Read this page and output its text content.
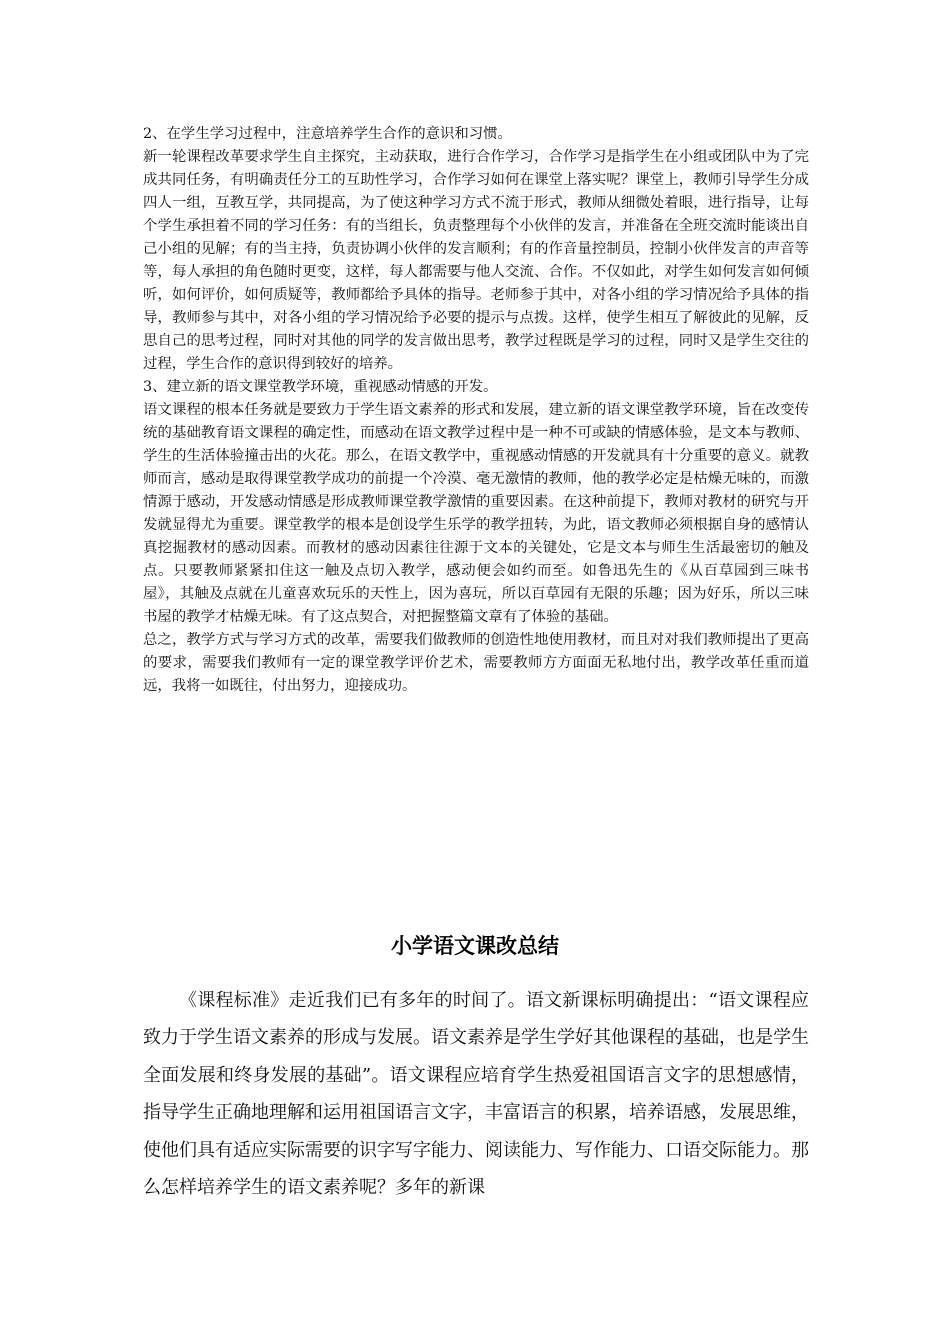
2、在学生学习过程中，注意培养学生合作的意识和习惯。

新一轮课程改革要求学生自主探究，主动获取，进行合作学习，合作学习是指学生在小组或团队中为了完成共同任务，有明确责任分工的互助性学习，合作学习如何在课堂上落实呢？课堂上，教师引导学生分成四人一组，互教互学，共同提高，为了使这种学习方式不流于形式，教师从细微处着眼，进行指导，让每个学生承担着不同的学习任务：有的当组长，负责整理每个小伙伴的发言，并准备在全班交流时能谈出自己小组的见解；有的当主持，负责协调小伙伴的发言顺利；有的作音量控制员，控制小伙伴发言的声音等等，每人承担的角色随时更变，这样，每人都需要与他人交流、合作。不仅如此，对学生如何发言如何倾听，如何评价，如何质疑等，教师都给予具体的指导。老师参于其中，对各小组的学习情况给予具体的指导，教师参与其中，对各小组的学习情况给予必要的提示与点拨。这样，使学生相互了解彼此的见解，反思自己的思考过程，同时对其他的同学的发言做出思考，教学过程既是学习的过程，同时又是学生交往的过程，学生合作的意识得到较好的培养。

3、建立新的语文课堂教学环境，重视感动情感的开发。

语文课程的根本任务就是要致力于学生语文素养的形式和发展，建立新的语文课堂教学环境，旨在改变传统的基础教育语文课程的确定性，而感动在语文教学过程中是一种不可或缺的情感体验，是文本与教师、学生的生活体验撞击出的火花。那么，在语文教学中，重视感动情感的开发就具有十分重要的意义。就教师而言，感动是取得课堂教学成功的前提一个冷漠、毫无激情的教师，他的教学必定是枯燥无味的，而激情源于感动，开发感动情感是形成教师课堂教学激情的重要因素。在这种前提下，教师对教材的研究与开发就显得尤为重要。课堂教学的根本是创设学生乐学的教学扭转，为此，语文教师必须根据自身的感情认真挖掘教材的感动因素。而教材的感动因素往往源于文本的关键处，它是文本与师生生活最密切的触及点。只要教师紧紧扣住这一触及点切入教学，感动便会如约而至。如鲁迅先生的《从百草园到三味书屋》，其触及点就在儿童喜欢玩乐的天性上，因为喜玩，所以百草园有无限的乐趣；因为好乐，所以三味书屋的教学才枯燥无味。有了这点契合，对把握整篇文章有了体验的基础。

总之，教学方式与学习方式的改革，需要我们做教师的创造性地使用教材，而且对对我们教师提出了更高的要求，需要我们教师有一定的课堂教学评价艺术，需要教师方方面面无私地付出，教学改革任重而道远，我将一如既往，付出努力，迎接成功。

小学语文课改总结

《课程标准》走近我们已有多年的时间了。语文新课标明确提出：“语文课程应致力于学生语文素养的形成与发展。语文素养是学生学好其他课程的基础，也是学生全面发展和终身发展的基础”。语文课程应培育学生热爱祖国语言文字的思想感情，指导学生正确地理解和运用祖国语言文字，丰富语言的积累，培养语感，发展思维，使他们具有适应实际需要的识字写字能力、阅读能力、写作能力、口语交际能力。那么怎样培养学生的语文素养呢？多年的新课
